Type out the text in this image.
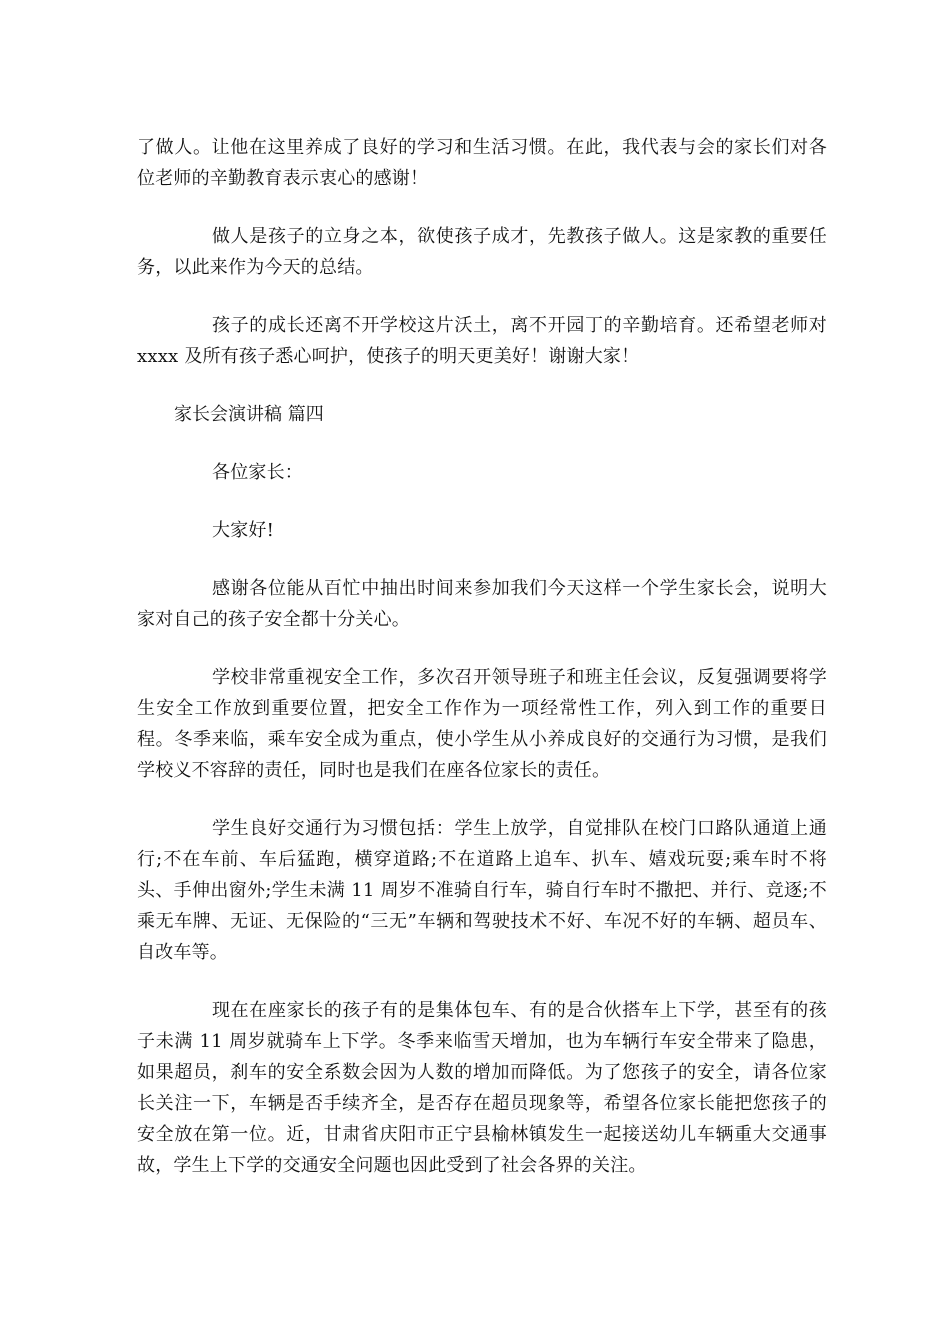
了做人。让他在这里养成了良好的学习和生活习惯。在此，我代表与会的家长们对各位老师的辛勤教育表示衷心的感谢！

做人是孩子的立身之本，欲使孩子成才，先教孩子做人。这是家教的重要任务，以此来作为今天的总结。

孩子的成长还离不开学校这片沃土，离不开园丁的辛勤培育。还希望老师对 xxxx 及所有孩子悉心呵护，使孩子的明天更美好！谢谢大家！

家长会演讲稿 篇四

各位家长：

大家好!

感谢各位能从百忙中抽出时间来参加我们今天这样一个学生家长会，说明大家对自己的孩子安全都十分关心。

学校非常重视安全工作，多次召开领导班子和班主任会议，反复强调要将学生安全工作放到重要位置，把安全工作作为一项经常性工作，列入到工作的重要日程。冬季来临，乘车安全成为重点，使小学生从小养成良好的交通行为习惯，是我们学校义不容辞的责任，同时也是我们在座各位家长的责任。

学生良好交通行为习惯包括：学生上放学，自觉排队在校门口路队通道上通行;不在车前、车后猛跑，横穿道路;不在道路上追车、扒车、嬉戏玩耍;乘车时不将头、手伸出窗外;学生未满 11 周岁不准骑自行车，骑自行车时不撒把、并行、竞逐;不乘无车牌、无证、无保险的“三无”车辆和驾驶技术不好、车况不好的车辆、超员车、自改车等。

现在在座家长的孩子有的是集体包车、有的是合伙搭车上下学，甚至有的孩子未满 11 周岁就骑车上下学。冬季来临雪天增加，也为车辆行车安全带来了隐患，如果超员，刹车的安全系数会因为人数的增加而降低。为了您孩子的安全，请各位家长关注一下，车辆是否手续齐全，是否存在超员现象等，希望各位家长能把您孩子的安全放在第一位。近，甘肃省庆阳市正宁县榆林镇发生一起接送幼儿车辆重大交通事故，学生上下学的交通安全问题也因此受到了社会各界的关注。
